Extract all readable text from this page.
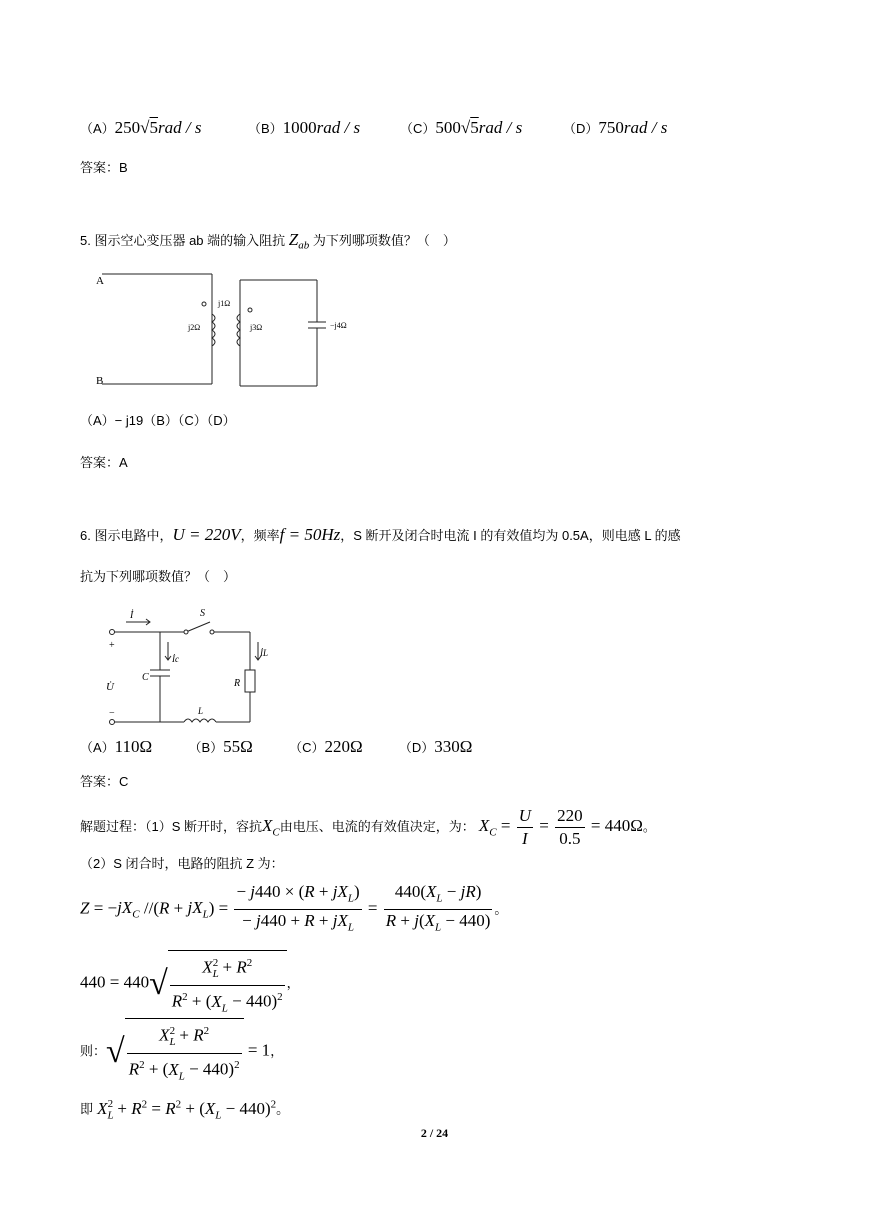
（A）250√5rad / s	（B）1000rad / s	（C）500√5rad / s	（D）750rad / s
答案：B
5. 图示空心变压器 ab 端的输入阻抗 $Z_{ab}$ 为下列哪项数值？（　）
A
B
j1Ω
j2Ω	j3Ω	−j4Ω
（A）− j19（B）（C）（D）
答案：A
6. 图示电路中，U = 220V，频率f = 50Hz，S 断开及闭合时电流 I 的有效值均为 0.5A，则电感 L 的感
抗为下列哪项数值？（　）
İ	S
İL
İc
C
R
L
U̇
+
−
（A）110Ω	（B）55Ω	（C）220Ω	（D）330Ω
答案：C
解题过程：（1）S 断开时，容抗$X_C$由电压、电流的有效值决定，为： $X_C = \frac{U}{I} = \frac{220}{0.5} = 440\Omega$。
（2）S 闭合时，电路的阻抗 Z 为：
$Z = -jX_C$ $//(R + jX_L) = \frac{- j440 \times (R + jX_L)}{- j440 + R + jX_L} = \frac{440(X_L - jR)}{R + j(X_L - 440)}$ 。
$440 = 440√ \frac{X_L^2 + R^2}{R^2 + (X_L - 440)^2}$ ，
则：√ $\frac{X_L^2 + R^2}{R^2 + (X_L - 440)^2} = 1$，
即 $X_L^2 + R^2 = R^2 + (X_L - 440)^2$。
2 / 24
